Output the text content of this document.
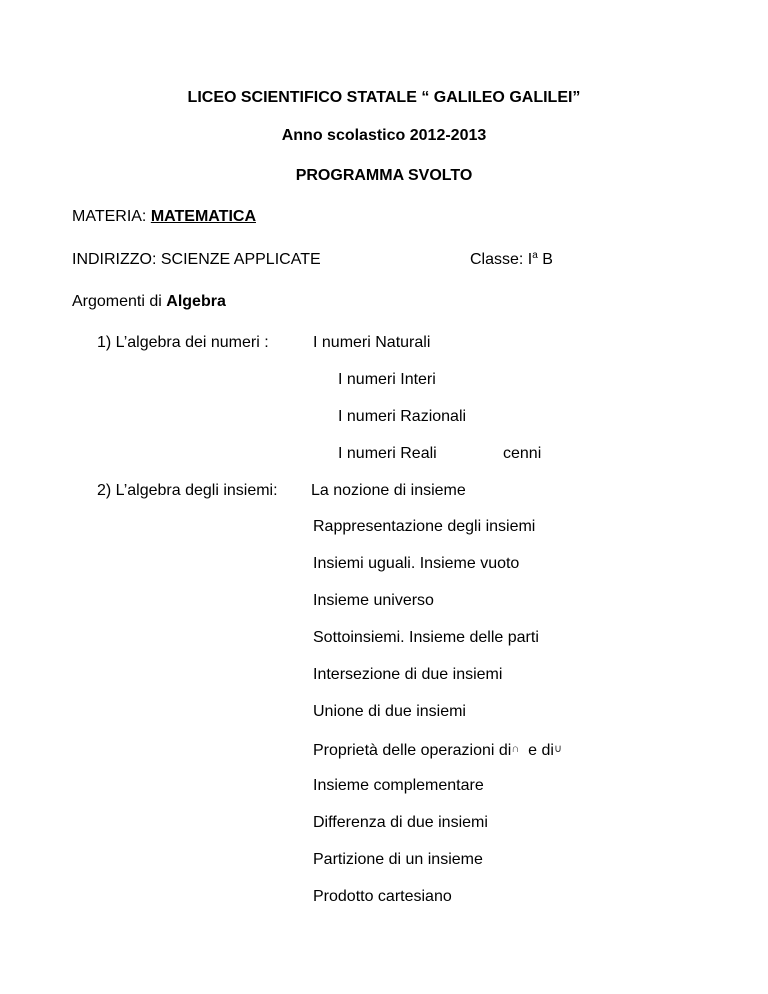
LICEO SCIENTIFICO STATALE “ GALILEO GALILEI”
Anno scolastico 2012-2013
PROGRAMMA SVOLTO
MATERIA: MATEMATICA
INDIRIZZO: SCIENZE APPLICATE	Classe: $I^a$ B
Argomenti di Algebra
1) L’algebra dei numeri :	I numeri Naturali
I numeri Interi
I numeri Razionali
I numeri Reali	cenni
2) L’algebra degli insiemi: La nozione di insieme
Rappresentazione degli insiemi
Insiemi uguali. Insieme vuoto
Insieme universo
Sottoinsiemi. Insieme delle parti
Intersezione di due insiemi
Unione di due insiemi
Proprietà delle operazioni di∩ e di∪
Insieme complementare
Differenza di due insiemi
Partizione di un insieme
Prodotto cartesiano
